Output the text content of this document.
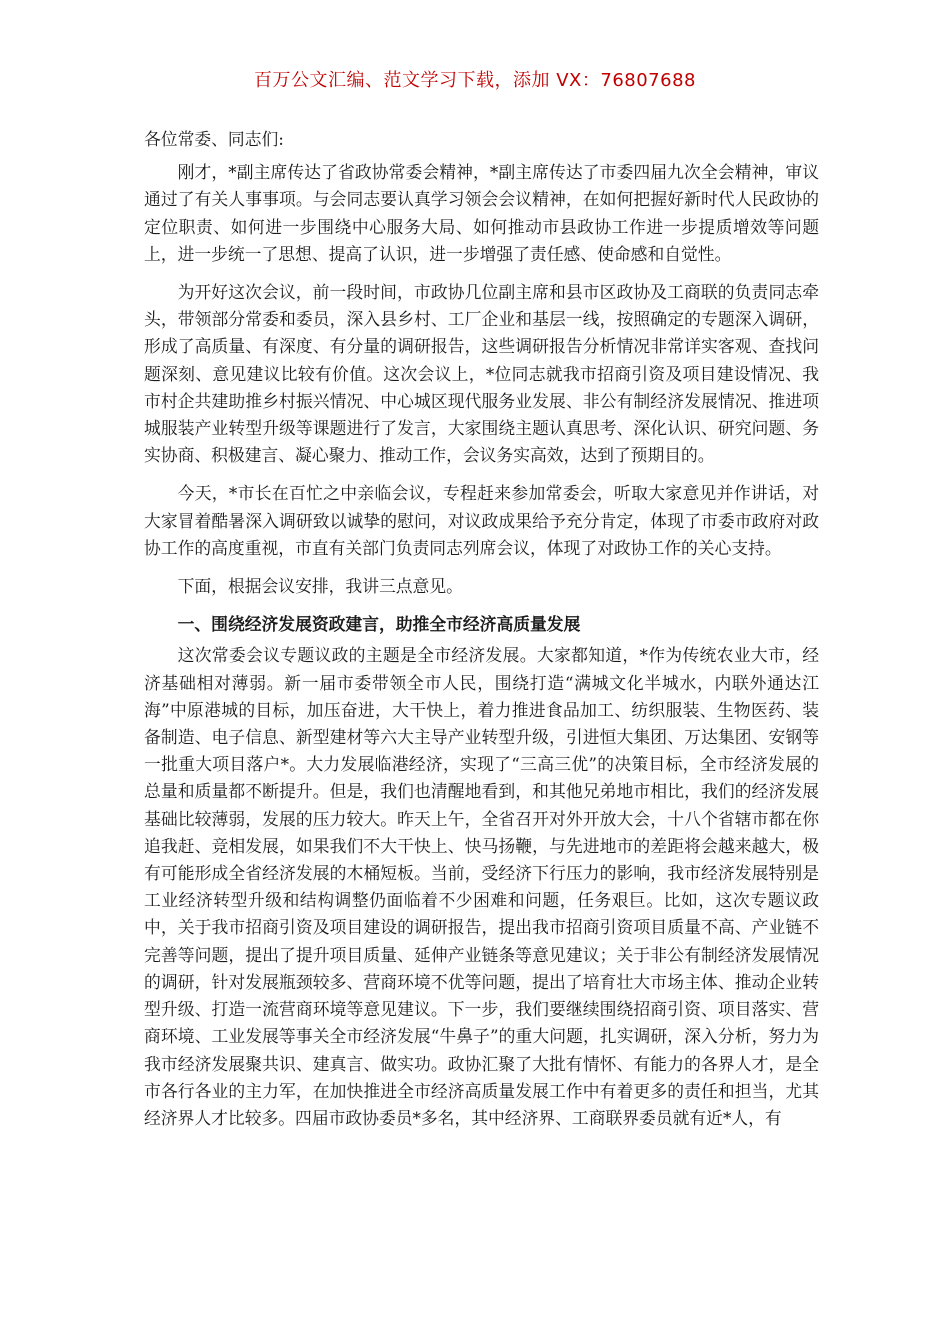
百万公文汇编、范文学习下载，添加 VX：76807688

各位常委、同志们:

刚才，*副主席传达了省政协常委会精神，*副主席传达了市委四届九次全会精神，审议通过了有关人事事项。与会同志要认真学习领会会议精神，在如何把握好新时代人民政协的定位职责、如何进一步围绕中心服务大局、如何推动市县政协工作进一步提质增效等问题上，进一步统一了思想、提高了认识，进一步增强了责任感、使命感和自觉性。

为开好这次会议，前一段时间，市政协几位副主席和县市区政协及工商联的负责同志牵头，带领部分常委和委员，深入县乡村、工厂企业和基层一线，按照确定的专题深入调研，形成了高质量、有深度、有分量的调研报告，这些调研报告分析情况非常详实客观、查找问题深刻、意见建议比较有价值。这次会议上，*位同志就我市招商引资及项目建设情况、我市村企共建助推乡村振兴情况、中心城区现代服务业发展、非公有制经济发展情况、推进项城服装产业转型升级等课题进行了发言，大家围绕主题认真思考、深化认识、研究问题、务实协商、积极建言、凝心聚力、推动工作，会议务实高效，达到了预期目的。

今天，*市长在百忙之中亲临会议，专程赶来参加常委会，听取大家意见并作讲话，对大家冒着酷暑深入调研致以诚挚的慰问，对议政成果给予充分肯定，体现了市委市政府对政协工作的高度重视，市直有关部门负责同志列席会议，体现了对政协工作的关心支持。

下面，根据会议安排，我讲三点意见。

一、围绕经济发展资政建言，助推全市经济高质量发展

这次常委会议专题议政的主题是全市经济发展。大家都知道，*作为传统农业大市，经济基础相对薄弱。新一届市委带领全市人民，围绕打造“满城文化半城水，内联外通达江海”中原港城的目标，加压奋进，大干快上，着力推进食品加工、纺织服装、生物医药、装备制造、电子信息、新型建材等六大主导产业转型升级，引进恒大集团、万达集团、安钢等一批重大项目落户*。大力发展临港经济，实现了“三高三优”的决策目标，全市经济发展的总量和质量都不断提升。但是，我们也清醒地看到，和其他兄弟地市相比，我们的经济发展基础比较薄弱，发展的压力较大。昨天上午，全省召开对外开放大会，十八个省辖市都在你追我赶、竞相发展，如果我们不大干快上、快马扬鞭，与先进地市的差距将会越来越大，极有可能形成全省经济发展的木桶短板。当前，受经济下行压力的影响，我市经济发展特别是工业经济转型升级和结构调整仍面临着不少困难和问题，任务艰巨。比如，这次专题议政中，关于我市招商引资及项目建设的调研报告，提出我市招商引资项目质量不高、产业链不完善等问题，提出了提升项目质量、延伸产业链条等意见建议；关于非公有制经济发展情况的调研，针对发展瓶颈较多、营商环境不优等问题，提出了培育壮大市场主体、推动企业转型升级、打造一流营商环境等意见建议。下一步，我们要继续围绕招商引资、项目落实、营商环境、工业发展等事关全市经济发展“牛鼻子”的重大问题，扎实调研，深入分析，努力为我市经济发展聚共识、建真言、做实功。政协汇聚了大批有情怀、有能力的各界人才，是全市各行各业的主力军，在加快推进全市经济高质量发展工作中有着更多的责任和担当，尤其经济界人才比较多。四届市政协委员*多名，其中经济界、工商联界委员就有近*人，有
